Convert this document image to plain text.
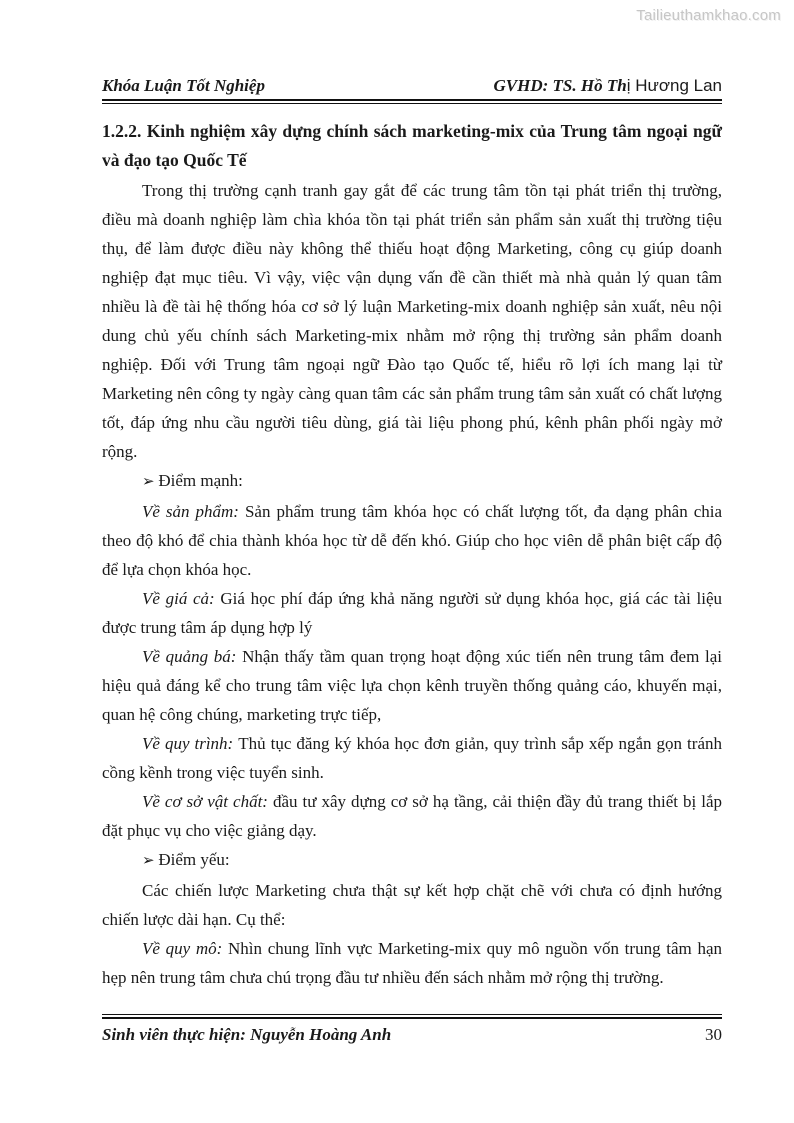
Tailieuthamkhao.com
Khóa Luận Tốt Nghiệp	GVHD: TS. Hồ Thị Hương Lan

1.2.2. Kinh nghiệm xây dựng chính sách marketing-mix của Trung tâm ngoại ngữ và đạo tạo Quốc Tế

Trong thị trường cạnh tranh gay gắt để các trung tâm tồn tại phát triển thị trường, điều mà doanh nghiệp làm chìa khóa tồn tại phát triển sản phẩm sản xuất thị trường tiệu thụ, để làm được điều này không thể thiếu hoạt động Marketing, công cụ giúp doanh nghiệp đạt mục tiêu. Vì vậy, việc vận dụng vấn đề cần thiết mà nhà quản lý quan tâm nhiều là đề tài hệ thống hóa cơ sở lý luận Marketing-mix doanh nghiệp sản xuất, nêu nội dung chủ yếu chính sách Marketing-mix nhằm mở rộng thị trường sản phẩm doanh nghiệp. Đối với Trung tâm ngoại ngữ Đào tạo Quốc tế, hiểu rõ lợi ích mang lại từ Marketing nên công ty ngày càng quan tâm các sản phẩm trung tâm sản xuất có chất lượng tốt, đáp ứng nhu cầu người tiêu dùng, giá tài liệu phong phú, kênh phân phối ngày mở rộng.

➢ Điểm mạnh:

Về sản phẩm: Sản phẩm trung tâm khóa học có chất lượng tốt, đa dạng phân chia theo độ khó để chia thành khóa học từ dễ đến khó. Giúp cho học viên dễ phân biệt cấp độ để lựa chọn khóa học.

Về giá cả: Giá học phí đáp ứng khả năng người sử dụng khóa học, giá các tài liệu được trung tâm áp dụng hợp lý

Về quảng bá: Nhận thấy tầm quan trọng hoạt động xúc tiến nên trung tâm đem lại hiệu quả đáng kể cho trung tâm việc lựa chọn kênh truyền thống quảng cáo, khuyến mại, quan hệ công chúng, marketing trực tiếp,

Về quy trình: Thủ tục đăng ký khóa học đơn giản, quy trình sắp xếp ngắn gọn tránh cồng kềnh trong việc tuyển sinh.

Về cơ sở vật chất: đầu tư xây dựng cơ sở hạ tầng, cải thiện đầy đủ trang thiết bị lắp đặt phục vụ cho việc giảng dạy.

➢ Điểm yếu:

Các chiến lược Marketing chưa thật sự kết hợp chặt chẽ với chưa có định hướng chiến lược dài hạn. Cụ thể:

Về quy mô: Nhìn chung lĩnh vực Marketing-mix quy mô nguồn vốn trung tâm hạn hẹp nên trung tâm chưa chú trọng đầu tư nhiều đến sách nhằm mở rộng thị trường.

Sinh viên thực hiện: Nguyễn Hoàng Anh	30
